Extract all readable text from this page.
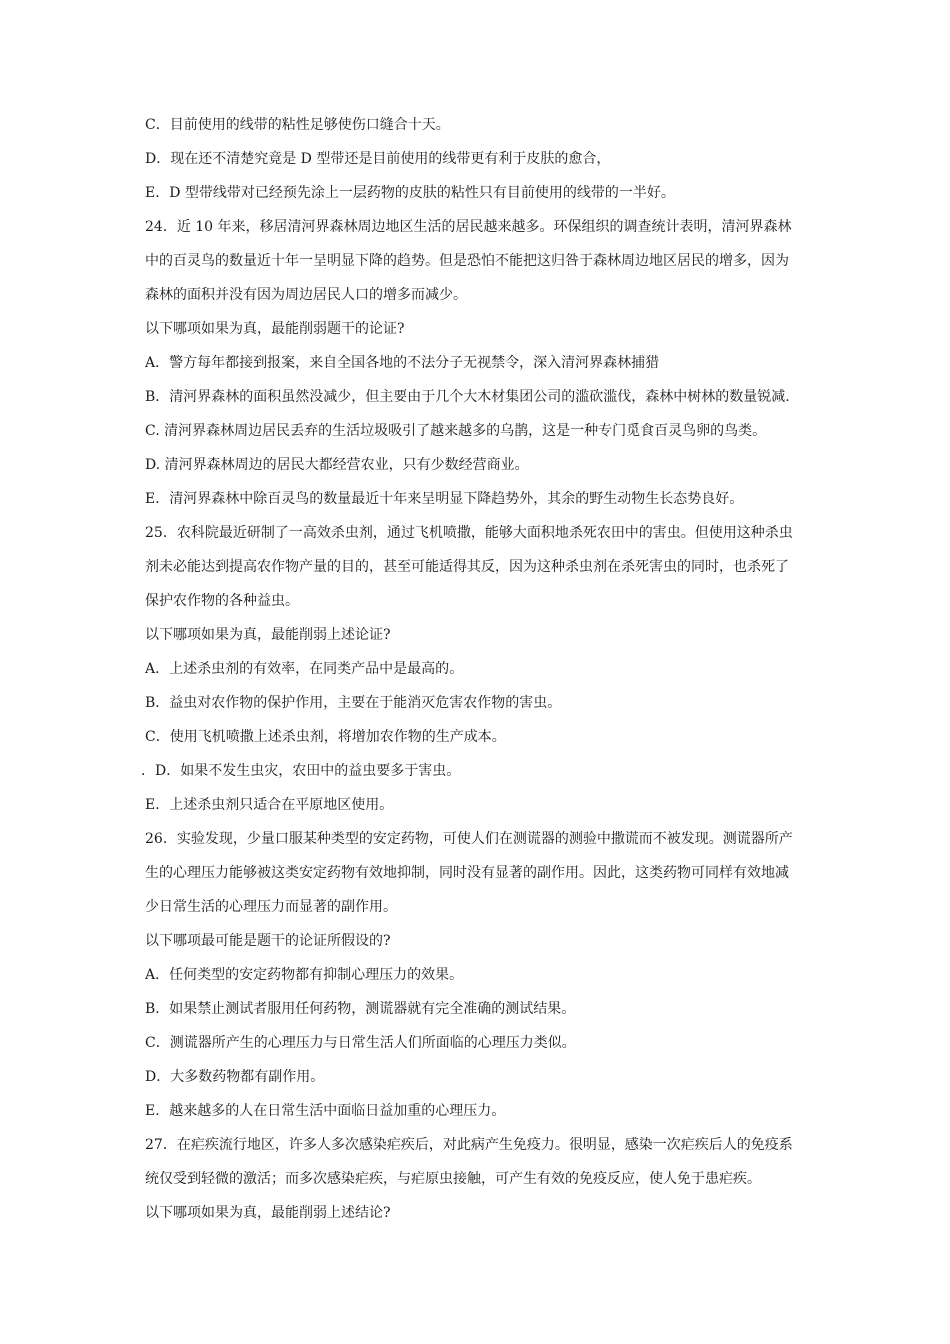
C．目前使用的线带的粘性足够使伤口缝合十天。
D．现在还不清楚究竟是 D 型带还是目前使用的线带更有利于皮肤的愈合，
E．D 型带线带对已经预先涂上一层药物的皮肤的粘性只有目前使用的线带的一半好。
24．近 10 年来，移居清河界森林周边地区生活的居民越来越多。环保组织的调查统计表明，清河界森林
中的百灵鸟的数量近十年一呈明显下降的趋势。但是恐怕不能把这归咎于森林周边地区居民的增多，因为
森林的面积并没有因为周边居民人口的增多而减少。
以下哪项如果为真，最能削弱题干的论证?
A．警方每年都接到报案，来自全国各地的不法分子无视禁令，深入清河界森林捕猎
B．清河界森林的面积虽然没减少，但主要由于几个大木材集团公司的滥砍滥伐，森林中树林的数量锐减.
C. 清河界森林周边居民丢弃的生活垃圾吸引了越来越多的乌鹊，这是一种专门觅食百灵鸟卵的鸟类。
D. 清河界森林周边的居民大都经营农业，只有少数经营商业。
E．清河界森林中除百灵鸟的数量最近十年来呈明显下降趋势外，其余的野生动物生长态势良好。
25．农科院最近研制了一高效杀虫剂，通过飞机喷撒，能够大面积地杀死农田中的害虫。但使用这种杀虫
剂未必能达到提高农作物产量的目的，甚至可能适得其反，因为这种杀虫剂在杀死害虫的同时，也杀死了
保护农作物的各种益虫。
以下哪项如果为真，最能削弱上述论证?
A．上述杀虫剂的有效率，在同类产品中是最高的。
B．益虫对农作物的保护作用，主要在于能消灭危害农作物的害虫。
C．使用飞机喷撒上述杀虫剂，将增加农作物的生产成本。
．D．如果不发生虫灾，农田中的益虫要多于害虫。
E．上述杀虫剂只适合在平原地区使用。
26．实验发现，少量口服某种类型的安定药物，可使人们在测谎器的测验中撒谎而不被发现。测谎器所产
生的心理压力能够被这类安定药物有效地抑制，同时没有显著的副作用。因此，这类药物可同样有效地减
少日常生活的心理压力而显著的副作用。
以下哪项最可能是题干的论证所假设的?
A．任何类型的安定药物都有抑制心理压力的效果。
B．如果禁止测试者服用任何药物，测谎器就有完全准确的测试结果。
C．测谎器所产生的心理压力与日常生活人们所面临的心理压力类似。
D．大多数药物都有副作用。
E．越来越多的人在日常生活中面临日益加重的心理压力。
27．在疟疾流行地区，许多人多次感染疟疾后，对此病产生免疫力。很明显，感染一次疟疾后人的免疫系
统仅受到轻微的激活；而多次感染疟疾，与疟原虫接触，可产生有效的免疫反应，使人免于患疟疾。
以下哪项如果为真，最能削弱上述结论?
